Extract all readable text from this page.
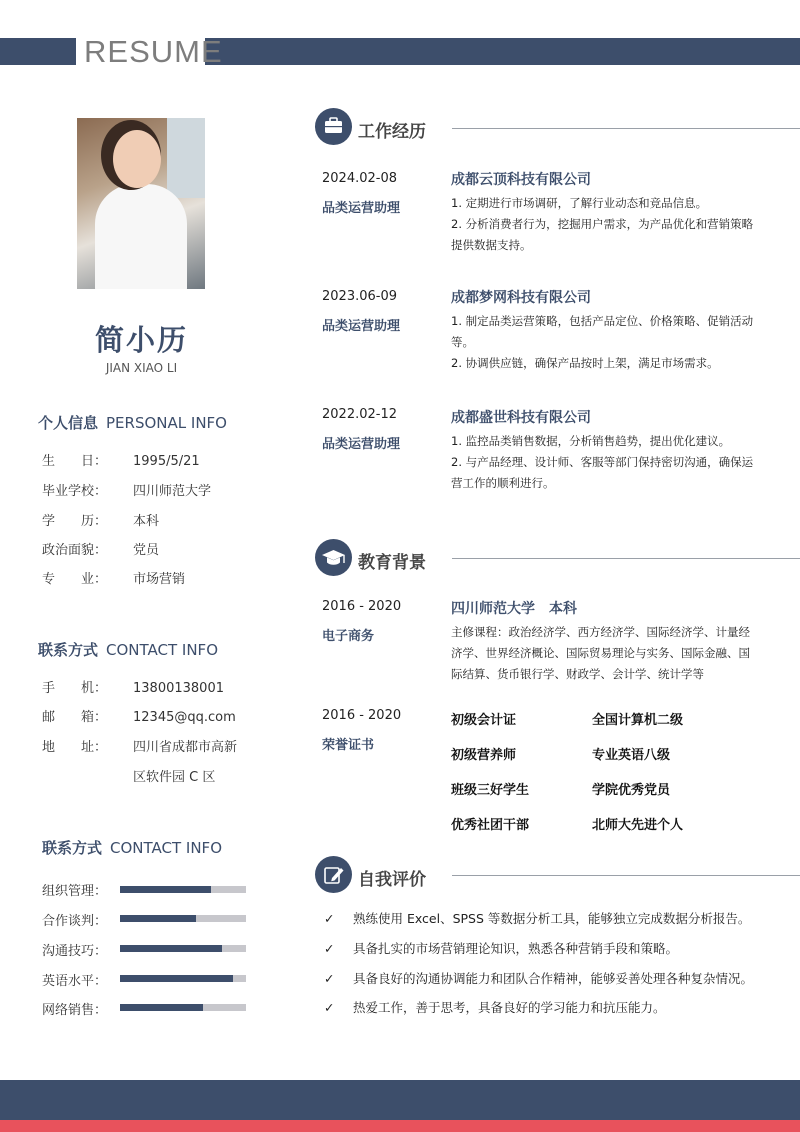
RESUME
简小历
JIAN XIAO LI
个人信息 PERSONAL INFO
生　　日： 1995/5/21
毕业学校： 四川师范大学
学　　历： 本科
政治面貌： 党员
专　　业： 市场营销
联系方式 CONTACT INFO
手　　机： 13800138001
邮　　箱： 12345@qq.com
地　　址： 四川省成都市高新
区软件园 C 区
联系方式 CONTACT INFO
组织管理：
合作谈判：
沟通技巧：
英语水平：
网络销售：
工作经历
2024.02-08
品类运营助理
成都云顶科技有限公司
1. 定期进行市场调研，了解行业动态和竞品信息。
2. 分析消费者行为，挖掘用户需求，为产品优化和营销策略
提供数据支持。
2023.06-09
品类运营助理
成都梦网科技有限公司
1. 制定品类运营策略，包括产品定位、价格策略、促销活动
等。
2. 协调供应链，确保产品按时上架，满足市场需求。
2022.02-12
品类运营助理
成都盛世科技有限公司
1. 监控品类销售数据，分析销售趋势，提出优化建议。
2. 与产品经理、设计师、客服等部门保持密切沟通，确保运
营工作的顺利进行。
教育背景
2016 - 2020
电子商务
四川师范大学　本科
主修课程：政治经济学、西方经济学、国际经济学、计量经
济学、世界经济概论、国际贸易理论与实务、国际金融、国
际结算、货币银行学、财政学、会计学、统计学等
2016 - 2020
荣誉证书
初级会计证	全国计算机二级
初级营养师	专业英语八级
班级三好学生	学院优秀党员
优秀社团干部	北师大先进个人
自我评价
✓ 熟练使用 Excel、SPSS 等数据分析工具，能够独立完成数据分析报告。
✓ 具备扎实的市场营销理论知识，熟悉各种营销手段和策略。
✓ 具备良好的沟通协调能力和团队合作精神，能够妥善处理各种复杂情况。
✓ 热爱工作，善于思考，具备良好的学习能力和抗压能力。
